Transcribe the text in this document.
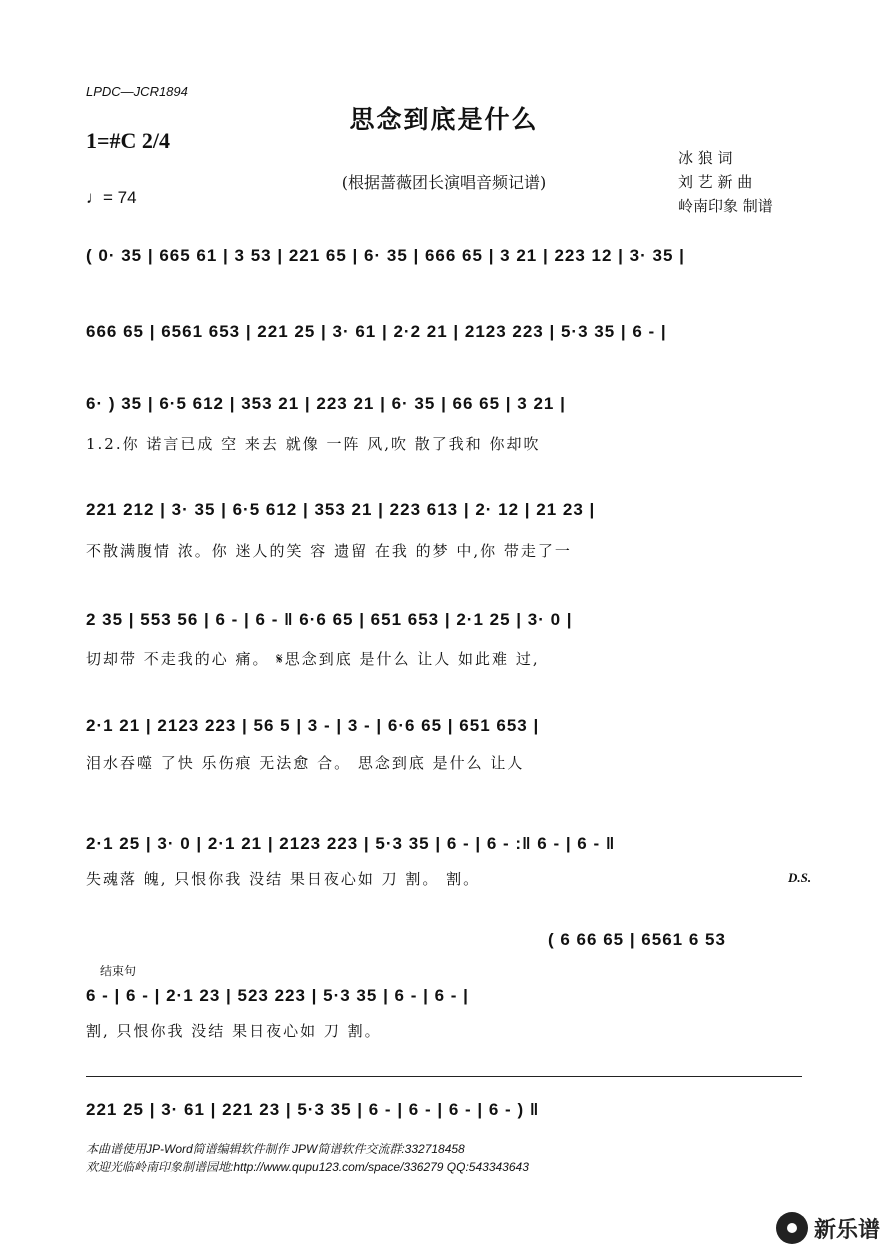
LPDC—JCR1894
思念到底是什么
1=#C 2/4
♩= 74
(根据蔷薇团长演唱音频记谱)
冰 狼 词
刘 艺 新 曲
岭南印象 制谱
( 0· 35 | 665 61 | 3 53 | 221 65 | 6· 35 | 666 65 | 3 21 | 223 12 | 3· 35 |
666 65 | 6561 653 | 221 25 | 3· 61 | 2·2 21 | 2123 223 | 5·3 35 | 6 - |
6· ) 35 | 6·5 612 | 353 21 | 223 21 | 6· 35 | 66 65 | 3 21 |
1.2.你 诺言已成 空 来去 就像 一阵 风,吹 散了我和 你却吹
221 212 | 3· 35 | 6·5 612 | 353 21 | 223 613 | 2· 12 | 21 23 |
不散满腹情 浓。你 迷人的笑 容 遗留 在我 的梦 中,你 带走了一
2 35 | 553 56 | 6 - | 6 - ‖ 6·6 65 | 651 653 | 2·1 25 | 3· 0 |
切却带 不走我的心 痛。 𝄋思念到底 是什么 让人 如此难 过,
2·1 21 | 2123 223 | 56 5 | 3 - | 3 - | 6·6 65 | 651 653 |
泪水吞噬 了快 乐伤痕 无法愈 合。 思念到底 是什么 让人
2·1 25 | 3· 0 | 2·1 21 | 2123 223 | 5·3 35 | 6 - | 6 - :‖ 6 - | 6 - ‖
失魂落 魄, 只恨你我 没结 果日夜心如 刀 割。 割。	D.S.
( 6 66 65 | 6561 6 53
结束句
6 - | 6 - | 2·1 23 | 523 223 | 5·3 35 | 6 - | 6 - |
割, 只恨你我 没结 果日夜心如 刀 割。
221 25 | 3· 61 | 221 23 | 5·3 35 | 6 - | 6 - | 6 - | 6 - ) ‖
本曲谱使用JP-Word简谱编辑软件制作 JPW简谱软件交流群:332718458
欢迎光临岭南印象制谱园地:http://www.qupu123.com/space/336279 QQ:543343643
新乐谱
